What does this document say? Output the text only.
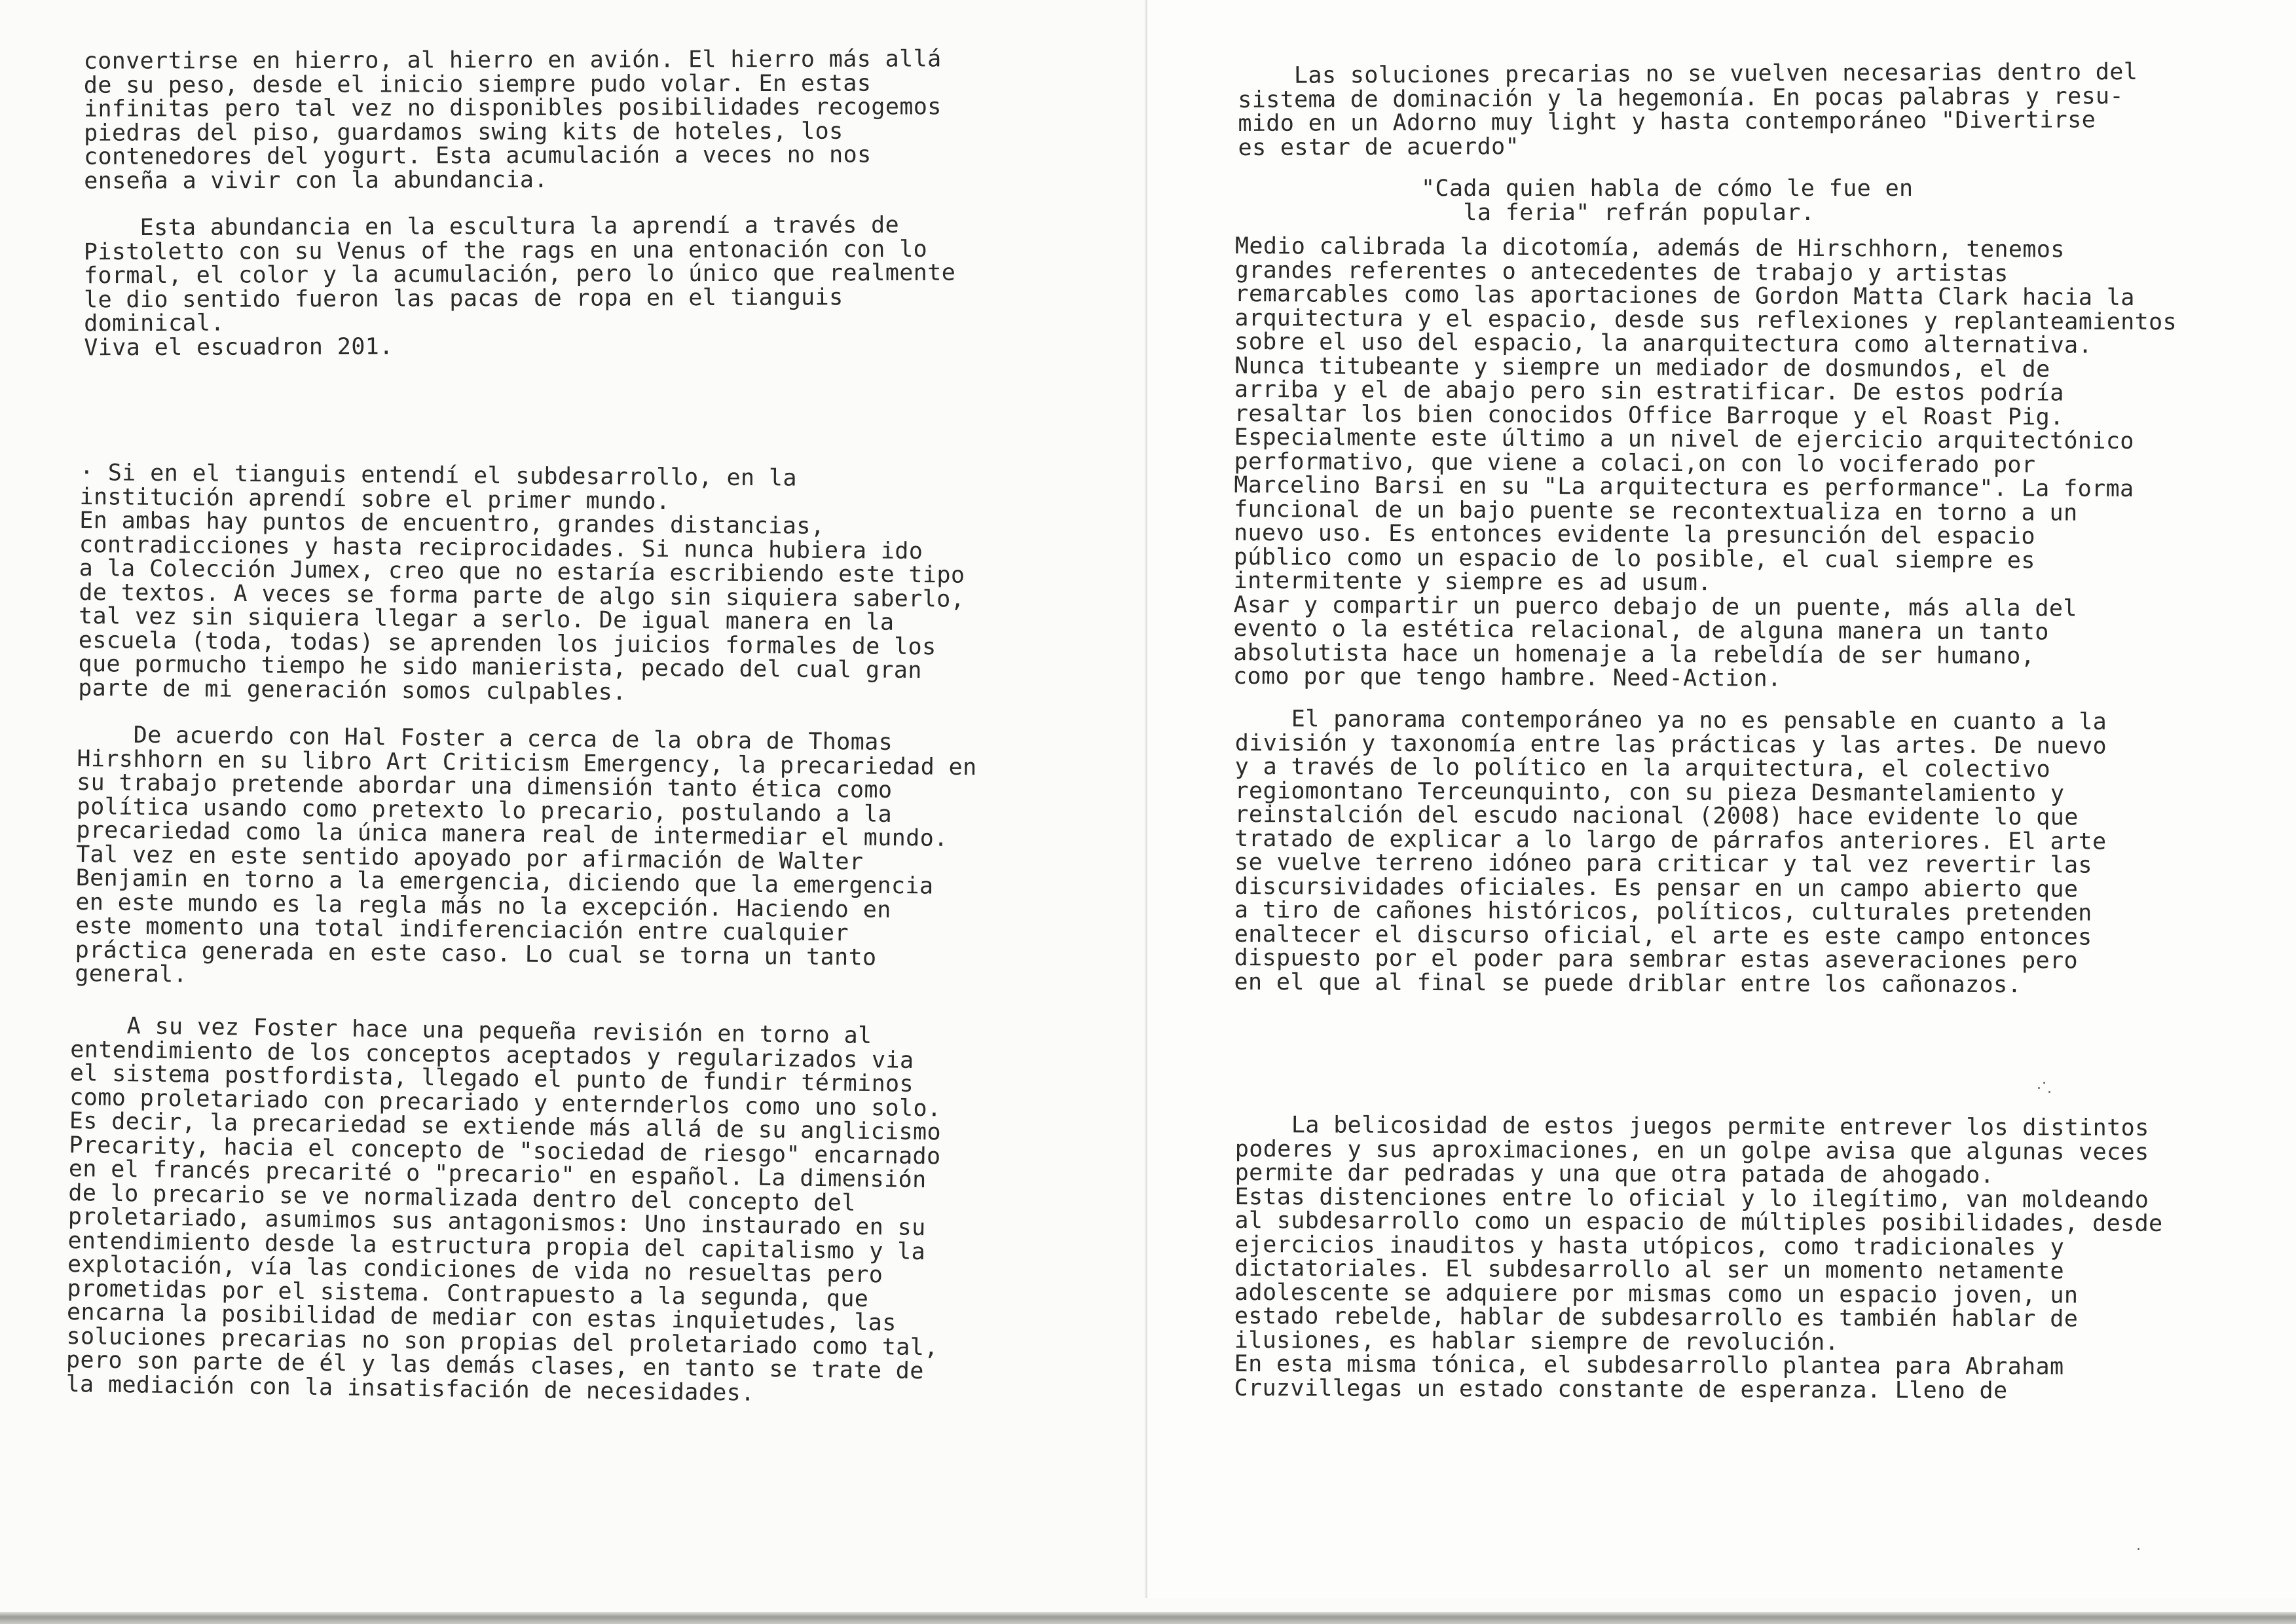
convertirse en hierro, al hierro en avión. El hierro más allá
de su peso, desde el inicio siempre pudo volar. En estas
infinitas pero tal vez no disponibles posibilidades recogemos
piedras del piso, guardamos swing kits de hoteles, los
contenedores del yogurt. Esta acumulación a veces no nos
enseña a vivir con la abundancia.
Esta abundancia en la escultura la aprendí a través de
Pistoletto con su Venus of the rags en una entonación con lo
formal, el color y la acumulación, pero lo único que realmente
le dio sentido fueron las pacas de ropa en el tianguis
dominical.
Viva el escuadron 201.
· Si en el tianguis entendí el subdesarrollo, en la
institución aprendí sobre el primer mundo.
En ambas hay puntos de encuentro, grandes distancias,
contradicciones y hasta reciprocidades. Si nunca hubiera ido
a la Colección Jumex, creo que no estaría escribiendo este tipo
de textos. A veces se forma parte de algo sin siquiera saberlo,
tal vez sin siquiera llegar a serlo. De igual manera en la
escuela (toda, todas) se aprenden los juicios formales de los
que pormucho tiempo he sido manierista, pecado del cual gran
parte de mi generación somos culpables.
De acuerdo con Hal Foster a cerca de la obra de Thomas
Hirshhorn en su libro Art Criticism Emergency, la precariedad en
su trabajo pretende abordar una dimensión tanto ética como
política usando como pretexto lo precario, postulando a la
precariedad como la única manera real de intermediar el mundo.
Tal vez en este sentido apoyado por afirmación de Walter
Benjamin en torno a la emergencia, diciendo que la emergencia
en este mundo es la regla más no la excepción. Haciendo en
este momento una total indiferenciación entre cualquier
práctica generada en este caso. Lo cual se torna un tanto
general.
A su vez Foster hace una pequeña revisión en torno al
entendimiento de los conceptos aceptados y regularizados via
el sistema postfordista, llegado el punto de fundir términos
como proletariado con precariado y enternderlos como uno solo.
Es decir, la precariedad se extiende más allá de su anglicismo
Precarity, hacia el concepto de "sociedad de riesgo" encarnado
en el francés precarité o "precario" en español. La dimensión
de lo precario se ve normalizada dentro del concepto del
proletariado, asumimos sus antagonismos: Uno instaurado en su
entendimiento desde la estructura propia del capitalismo y la
explotación, vía las condiciones de vida no resueltas pero
prometidas por el sistema. Contrapuesto a la segunda, que
encarna la posibilidad de mediar con estas inquietudes, las
soluciones precarias no son propias del proletariado como tal,
pero son parte de él y las demás clases, en tanto se trate de
la mediación con la insatisfación de necesidades.
Las soluciones precarias no se vuelven necesarias dentro del
sistema de dominación y la hegemonía. En pocas palabras y resu-
mido en un Adorno muy light y hasta contemporáneo "Divertirse
es estar de acuerdo"
"Cada quien habla de cómo le fue en
la feria" refrán popular.
Medio calibrada la dicotomía, además de Hirschhorn, tenemos
grandes referentes o antecedentes de trabajo y artistas
remarcables como las aportaciones de Gordon Matta Clark hacia la
arquitectura y el espacio, desde sus reflexiones y replanteamientos
sobre el uso del espacio, la anarquitectura como alternativa.
Nunca titubeante y siempre un mediador de dosmundos, el de
arriba y el de abajo pero sin estratificar. De estos podría
resaltar los bien conocidos Office Barroque y el Roast Pig.
Especialmente este último a un nivel de ejercicio arquitectónico
performativo, que viene a colaci,on con lo vociferado por
Marcelino Barsi en su "La arquitectura es performance". La forma
funcional de un bajo puente se recontextualiza en torno a un
nuevo uso. Es entonces evidente la presunción del espacio
público como un espacio de lo posible, el cual siempre es
intermitente y siempre es ad usum.
Asar y compartir un puerco debajo de un puente, más alla del
evento o la estética relacional, de alguna manera un tanto
absolutista hace un homenaje a la rebeldía de ser humano,
como por que tengo hambre. Need-Action.
El panorama contemporáneo ya no es pensable en cuanto a la
división y taxonomía entre las prácticas y las artes. De nuevo
y a través de lo político en la arquitectura, el colectivo
regiomontano Terceunquinto, con su pieza Desmantelamiento y
reinstalción del escudo nacional (2008) hace evidente lo que
tratado de explicar a lo largo de párrafos anteriores. El arte
se vuelve terreno idóneo para criticar y tal vez revertir las
discursividades oficiales. Es pensar en un campo abierto que
a tiro de cañones históricos, políticos, culturales pretenden
enaltecer el discurso oficial, el arte es este campo entonces
dispuesto por el poder para sembrar estas aseveraciones pero
en el que al final se puede driblar entre los cañonazos.
La belicosidad de estos juegos permite entrever los distintos
poderes y sus aproximaciones, en un golpe avisa que algunas veces
permite dar pedradas y una que otra patada de ahogado.
Estas distenciones entre lo oficial y lo ilegítimo, van moldeando
al subdesarrollo como un espacio de múltiples posibilidades, desde
ejercicios inauditos y hasta utópicos, como tradicionales y
dictatoriales. El subdesarrollo al ser un momento netamente
adolescente se adquiere por mismas como un espacio joven, un
estado rebelde, hablar de subdesarrollo es también hablar de
ilusiones, es hablar siempre de revolución.
En esta misma tónica, el subdesarrollo plantea para Abraham
Cruzvillegas un estado constante de esperanza. Lleno de
